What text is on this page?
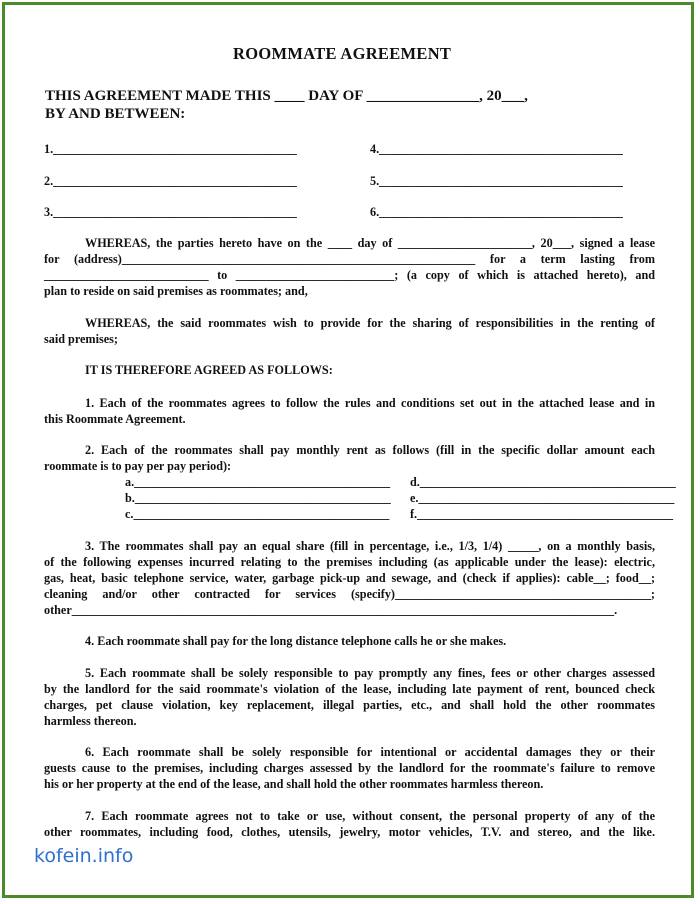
ROOMMATE AGREEMENT
THIS AGREEMENT MADE THIS ____ DAY OF _______________, 20___,
BY AND BETWEEN:
1.________________________________________
2.________________________________________
3.________________________________________
4.________________________________________
5.________________________________________
6.________________________________________
WHEREAS, the parties hereto have on the ____ day of ______________________, 20___, signed a lease
for (address)__________________________________________________________ for a term lasting from
___________________________ to __________________________; (a copy of which is attached hereto), and
plan to reside on said premises as roommates; and,
WHEREAS, the said roommates wish to provide for the sharing of responsibilities in the renting of
said premises;
IT IS THEREFORE AGREED AS FOLLOWS:
1. Each of the roommates agrees to follow the rules and conditions set out in the attached lease and in
this Roommate Agreement.
2. Each of the roommates shall pay monthly rent as follows (fill in the specific dollar amount each
roommate is to pay per pay period):
a.__________________________________________
b.__________________________________________
c.__________________________________________
d.__________________________________________
e.__________________________________________
f.__________________________________________
3. The roommates shall pay an equal share (fill in percentage, i.e., 1/3, 1/4) _____, on a monthly basis,
of the following expenses incurred relating to the premises including (as applicable under the lease): electric,
gas, heat, basic telephone service, water, garbage pick-up and sewage, and (check if applies): cable__; food__;
cleaning and/or other contracted for services (specify)__________________________________________;
other_________________________________________________________________________________________.
4. Each roommate shall pay for the long distance telephone calls he or she makes.
5. Each roommate shall be solely responsible to pay promptly any fines, fees or other charges assessed
by the landlord for the said roommate's violation of the lease, including late payment of rent, bounced check
charges, pet clause violation, key replacement, illegal parties, etc., and shall hold the other roommates
harmless thereon.
6. Each roommate shall be solely responsible for intentional or accidental damages they or their
guests cause to the premises, including charges assessed by the landlord for the roommate's failure to remove
his or her property at the end of the lease, and shall hold the other roommates harmless thereon.
7. Each roommate agrees not to take or use, without consent, the personal property of any of the
other roommates, including food, clothes, utensils, jewelry, motor vehicles, T.V. and stereo, and the like.
kofein.info
